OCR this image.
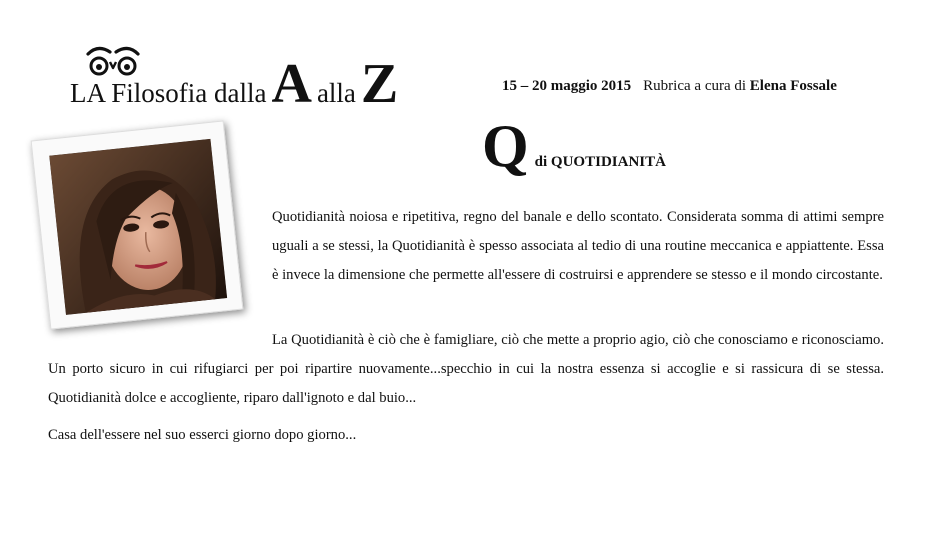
LA Filosofia dalla A alla Z	15 – 20 maggio 2015 Rubrica a cura di Elena Fossale
Q di QUOTIDIANITÀ

Quotidianità noiosa e ripetitiva, regno del banale e dello scontato. Considerata somma di attimi sempre uguali a se stessi, la Quotidianità è spesso associata al tedio di una routine meccanica e appiattente. Essa è invece la dimensione che permette all'essere di costruirsi e apprendere se stesso e il mondo circostante.

La Quotidianità è ciò che è famigliare, ciò che mette a proprio agio, ciò che conosciamo e riconosciamo. Un porto sicuro in cui rifugiarci per poi ripartire nuovamente...specchio in cui la nostra essenza si accoglie e si rassicura di se stessa. Quotidianità dolce e accogliente, riparo dall'ignoto e dal buio...

Casa dell'essere nel suo esserci giorno dopo giorno...
